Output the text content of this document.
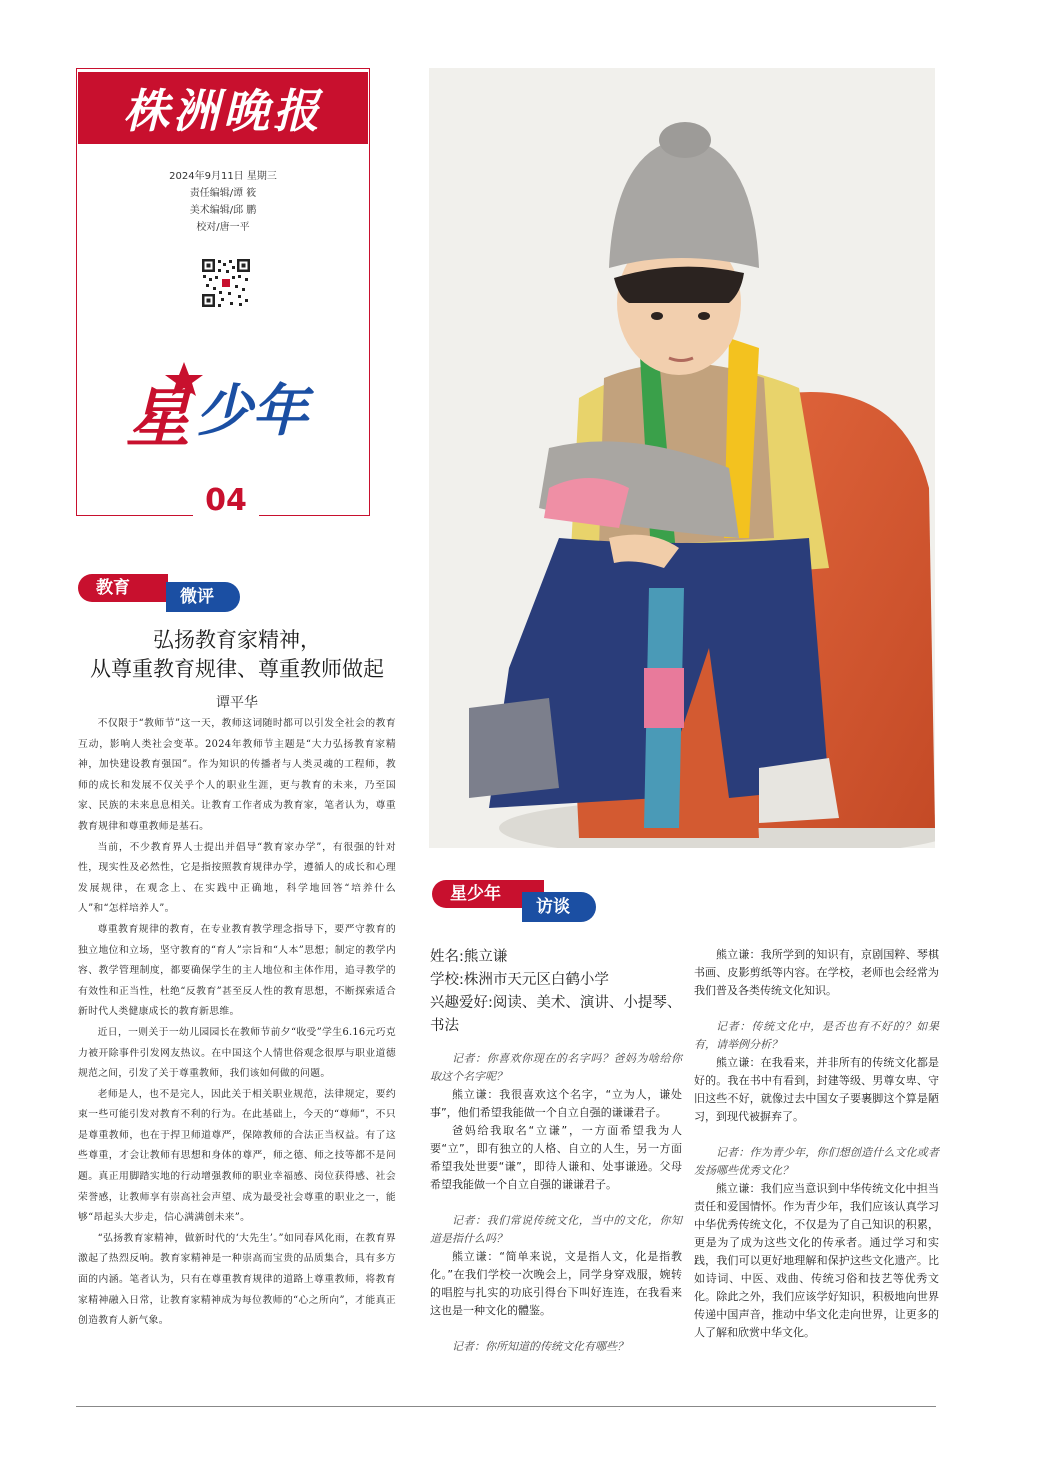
株洲晚报
2024年9月11日 星期三
责任编辑/谭 筱
美术编辑/邱 鹏
校对/唐一平
星 少年
04
教育	微评
弘扬教育家精神，
从尊重教育规律、尊重教师做起
谭平华

不仅限于“教师节”这一天，教师这词随时都可以引发全社会的教育互动，影响人类社会变革。2024年教师节主题是“大力弘扬教育家精神，加快建设教育强国”。作为知识的传播者与人类灵魂的工程师，教师的成长和发展不仅关乎个人的职业生涯，更与教育的未来，乃至国家、民族的未来息息相关。让教育工作者成为教育家，笔者认为，尊重教育规律和尊重教师是基石。

当前，不少教育界人士提出并倡导“教育家办学”，有很强的针对性，现实性及必然性，它是指按照教育规律办学，遵循人的成长和心理发展规律，在观念上、在实践中正确地，科学地回答“培养什么人”和“怎样培养人”。

尊重教育规律的教育，在专业教育教学理念指导下，要严守教育的独立地位和立场，坚守教育的“育人”宗旨和“人本”思想；制定的教学内容、教学管理制度，都要确保学生的主人地位和主体作用，追寻教学的有效性和正当性，杜绝“反教育”甚至反人性的教育思想，不断探索适合新时代人类健康成长的教育新思维。

近日，一则关于一幼儿园园长在教师节前夕“收受”学生6.16元巧克力被开除事件引发网友热议。在中国这个人情世俗观念很厚与职业道德规范之间，引发了关于尊重教师，我们该如何做的问题。

老师是人，也不是完人，因此关于相关职业规范，法律规定，要约束一些可能引发对教育不利的行为。在此基础上，今天的“尊师”，不只是尊重教师，也在于捍卫师道尊严，保障教师的合法正当权益。有了这些尊重，才会让教师有思想和身体的尊严，师之德、师之技等都不是问题。真正用脚踏实地的行动增强教师的职业幸福感、岗位获得感、社会荣誉感，让教师享有崇高社会声望、成为最受社会尊重的职业之一，能够“昂起头大步走，信心满满创未来”。

“弘扬教育家精神，做新时代的‘大先生’。”如同春风化雨，在教育界激起了热烈反响。教育家精神是一种崇高而宝贵的品质集合，具有多方面的内涵。笔者认为，只有在尊重教育规律的道路上尊重教师，将教育家精神融入日常，让教育家精神成为每位教师的“心之所向”，才能真正创造教育人新气象。

星少年
访谈
姓名:熊立谦
学校:株洲市天元区白鹤小学
兴趣爱好:阅读、美术、演讲、小提琴、书法
记者：你喜欢你现在的名字吗？爸妈为啥给你取这个名字呢？
熊立谦：我很喜欢这个名字，“立为人，谦处事”，他们希望我能做一个自立自强的谦谦君子。
爸妈给我取名“立谦”，一方面希望我为人要“立”，即有独立的人格、自立的人生，另一方面希望我处世要“谦”，即待人谦和、处事谦逊。父母希望我能做一个自立自强的谦谦君子。
记者：我们常说传统文化，当中的文化，你知道是指什么吗？
熊立谦：“简单来说，文是指人文，化是指教化。”在我们学校一次晚会上，同学身穿戏服，婉转的唱腔与扎实的功底引得台下叫好连连，在我看来这也是一种文化的體鉴。
记者：你所知道的传统文化有哪些？
熊立谦：我所学到的知识有，京剧国粹、琴棋书画、皮影剪纸等内容。在学校，老师也会经常为我们普及各类传统文化知识。
记者：传统文化中，是否也有不好的？如果有，请举例分析？
熊立谦：在我看来，并非所有的传统文化都是好的。我在书中有看到，封建等级、男尊女卑、守旧这些不好，就像过去中国女子要裹脚这个算是陋习，到现代被摒弃了。
记者：作为青少年，你们想创造什么文化或者发扬哪些优秀文化？
熊立谦：我们应当意识到中华传统文化中担当责任和爱国情怀。作为青少年，我们应该认真学习中华优秀传统文化，不仅是为了自己知识的积累，更是为了成为这些文化的传承者。通过学习和实践，我们可以更好地理解和保护这些文化遗产。比如诗词、中医、戏曲、传统习俗和技艺等优秀文化。除此之外，我们应该学好知识，积极地向世界传递中国声音，推动中华文化走向世界，让更多的人了解和欣赏中华文化。
